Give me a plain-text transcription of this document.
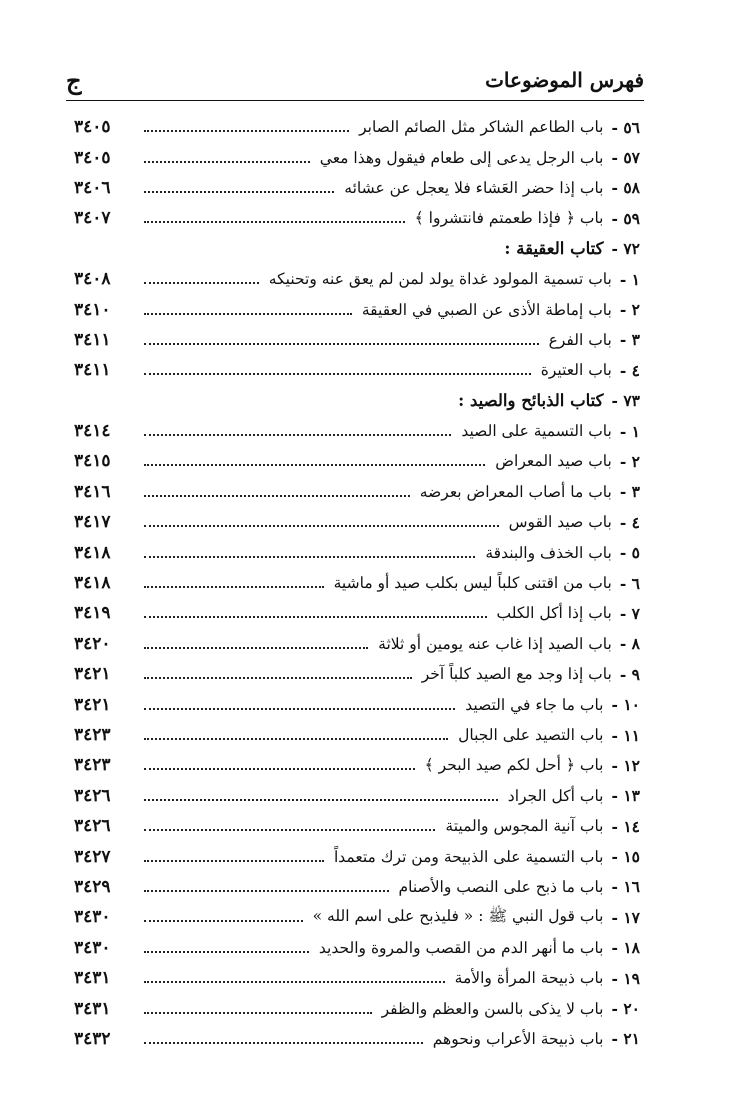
فهرس الموضوعات
ج
٥٦ -
باب الطاعم الشاكر مثل الصائم الصابر
٣٤٠٥
٥٧ -
باب الرجل يدعى إلى طعام فيقول وهذا معي
٣٤٠٥
٥٨ -
باب إذا حضر العَشاء فلا يعجل عن عشائه
٣٤٠٦
٥٩ -
باب ﴿ فإذا طعمتم فانتشروا ﴾
٣٤٠٧
٧٢ -
كتاب العقيقة :
١ -
باب تسمية المولود غداة يولد لمن لم يعق عنه وتحنيكه
٣٤٠٨
٢ -
باب إماطة الأذى عن الصبي في العقيقة
٣٤١٠
٣ -
باب الفرع
٣٤١١
٤ -
باب العتيرة
٣٤١١
٧٣ -
كتاب الذبائح والصيد :
١ -
باب التسمية على الصيد
٣٤١٤
٢ -
باب صيد المعراض
٣٤١٥
٣ -
باب ما أصاب المعراض بعرضه
٣٤١٦
٤ -
باب صيد القوس
٣٤١٧
٥ -
باب الخذف والبندقة
٣٤١٨
٦ -
باب من اقتنى كلباً ليس بكلب صيد أو ماشية
٣٤١٨
٧ -
باب إذا أكل الكلب
٣٤١٩
٨ -
باب الصيد إذا غاب عنه يومين أو ثلاثة
٣٤٢٠
٩ -
باب إذا وجد مع الصيد كلباً آخر
٣٤٢١
١٠ -
باب ما جاء في التصيد
٣٤٢١
١١ -
باب التصيد على الجبال
٣٤٢٣
١٢ -
باب ﴿ أحل لكم صيد البحر ﴾
٣٤٢٣
١٣ -
باب أكل الجراد
٣٤٢٦
١٤ -
باب آنية المجوس والميتة
٣٤٢٦
١٥ -
باب التسمية على الذبيحة ومن ترك متعمداً
٣٤٢٧
١٦ -
باب ما ذبح على النصب والأصنام
٣٤٢٩
١٧ -
باب قول النبي ﷺ : « فليذبح على اسم الله »
٣٤٣٠
١٨ -
باب ما أنهر الدم من القصب والمروة والحديد
٣٤٣٠
١٩ -
باب ذبيحة المرأة والأمة
٣٤٣١
٢٠ -
باب لا يذكى بالسن والعظم والظفر
٣٤٣١
٢١ -
باب ذبيحة الأعراب ونحوهم
٣٤٣٢
